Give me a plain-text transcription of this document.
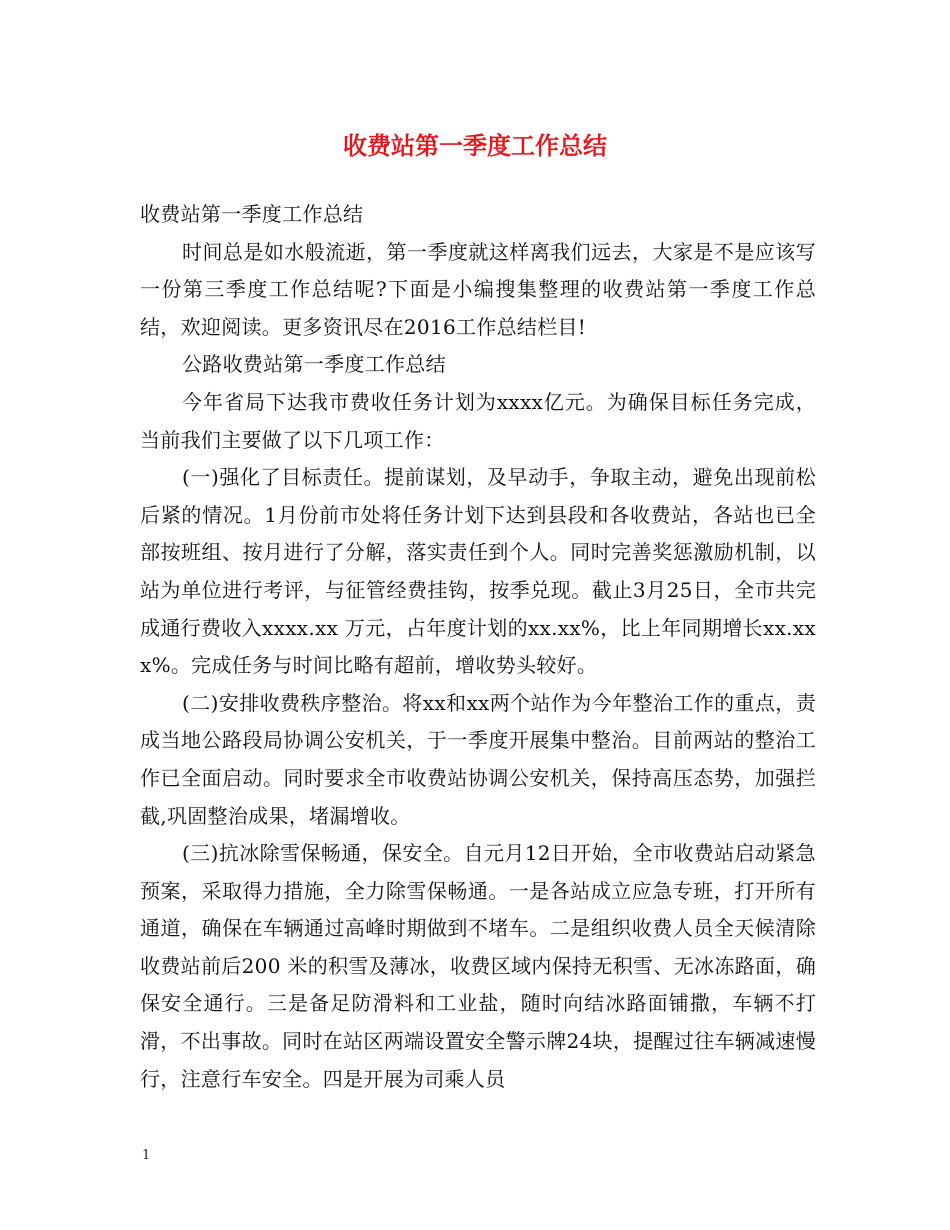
收费站第一季度工作总结

收费站第一季度工作总结

时间总是如水般流逝，第一季度就这样离我们远去，大家是不是应该写一份第三季度工作总结呢?下面是小编搜集整理的收费站第一季度工作总结，欢迎阅读。更多资讯尽在2016工作总结栏目!

公路收费站第一季度工作总结

今年省局下达我市费收任务计划为xxxx亿元。为确保目标任务完成，当前我们主要做了以下几项工作：

(一)强化了目标责任。提前谋划，及早动手，争取主动，避免出现前松后紧的情况。1月份前市处将任务计划下达到县段和各收费站，各站也已全部按班组、按月进行了分解，落实责任到个人。同时完善奖惩激励机制，以站为单位进行考评，与征管经费挂钩，按季兑现。截止3月25日，全市共完成通行费收入xxxx.xx 万元，占年度计划的xx.xx%，比上年同期增长xx.xxx%。完成任务与时间比略有超前，增收势头较好。

(二)安排收费秩序整治。将xx和xx两个站作为今年整治工作的重点，责成当地公路段局协调公安机关，于一季度开展集中整治。目前两站的整治工作已全面启动。同时要求全市收费站协调公安机关，保持高压态势，加强拦截,巩固整治成果，堵漏增收。

(三)抗冰除雪保畅通，保安全。自元月12日开始，全市收费站启动紧急预案，采取得力措施，全力除雪保畅通。一是各站成立应急专班，打开所有通道，确保在车辆通过高峰时期做到不堵车。二是组织收费人员全天候清除收费站前后200 米的积雪及薄冰，收费区域内保持无积雪、无冰冻路面，确保安全通行。三是备足防滑料和工业盐，随时向结冰路面铺撒，车辆不打滑，不出事故。同时在站区两端设置安全警示牌24块，提醒过往车辆减速慢行，注意行车安全。四是开展为司乘人员

1
